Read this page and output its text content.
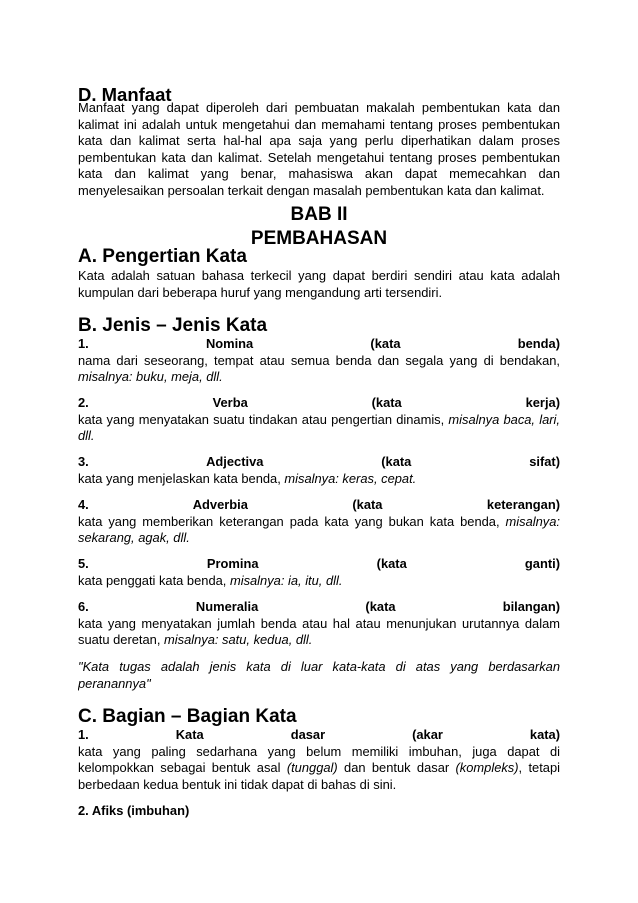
D. Manfaat
Manfaat yang dapat diperoleh dari pembuatan makalah pembentukan kata dan
kalimat ini adalah untuk mengetahui dan memahami tentang proses pembentukan
kata dan kalimat serta hal-hal apa saja yang perlu diperhatikan dalam proses
pembentukan kata dan kalimat. Setelah mengetahui tentang proses pembentukan
kata dan kalimat yang benar, mahasiswa akan dapat memecahkan dan
menyelesaikan persoalan terkait dengan masalah pembentukan kata dan kalimat.
BAB II
PEMBAHASAN
A. Pengertian Kata
Kata adalah satuan bahasa terkecil yang dapat berdiri sendiri atau kata adalah
kumpulan dari beberapa huruf yang mengandung arti tersendiri.
B. Jenis – Jenis Kata
1. Nomina (kata benda)
nama dari seseorang, tempat atau semua benda dan segala yang di bendakan,
misalnya: buku, meja, dll.
2. Verba (kata kerja)
kata yang menyatakan suatu tindakan atau pengertian dinamis, misalnya baca, lari,
dll.
3. Adjectiva (kata sifat)
kata yang menjelaskan kata benda, misalnya: keras, cepat.
4. Adverbia (kata keterangan)
kata yang memberikan keterangan pada kata yang bukan kata benda, misalnya:
sekarang, agak, dll.
5. Promina (kata ganti)
kata penggati kata benda, misalnya: ia, itu, dll.
6. Numeralia (kata bilangan)
kata yang menyatakan jumlah benda atau hal atau menunjukan urutannya dalam
suatu deretan, misalnya: satu, kedua, dll.
"Kata tugas adalah jenis kata di luar kata-kata di atas yang berdasarkan
peranannya"
C. Bagian – Bagian Kata
1. Kata dasar (akar kata)
kata yang paling sedarhana yang belum memiliki imbuhan, juga dapat di
kelompokkan sebagai bentuk asal (tunggal) dan bentuk dasar (kompleks), tetapi
berbedaan kedua bentuk ini tidak dapat di bahas di sini.
2. Afiks (imbuhan)
